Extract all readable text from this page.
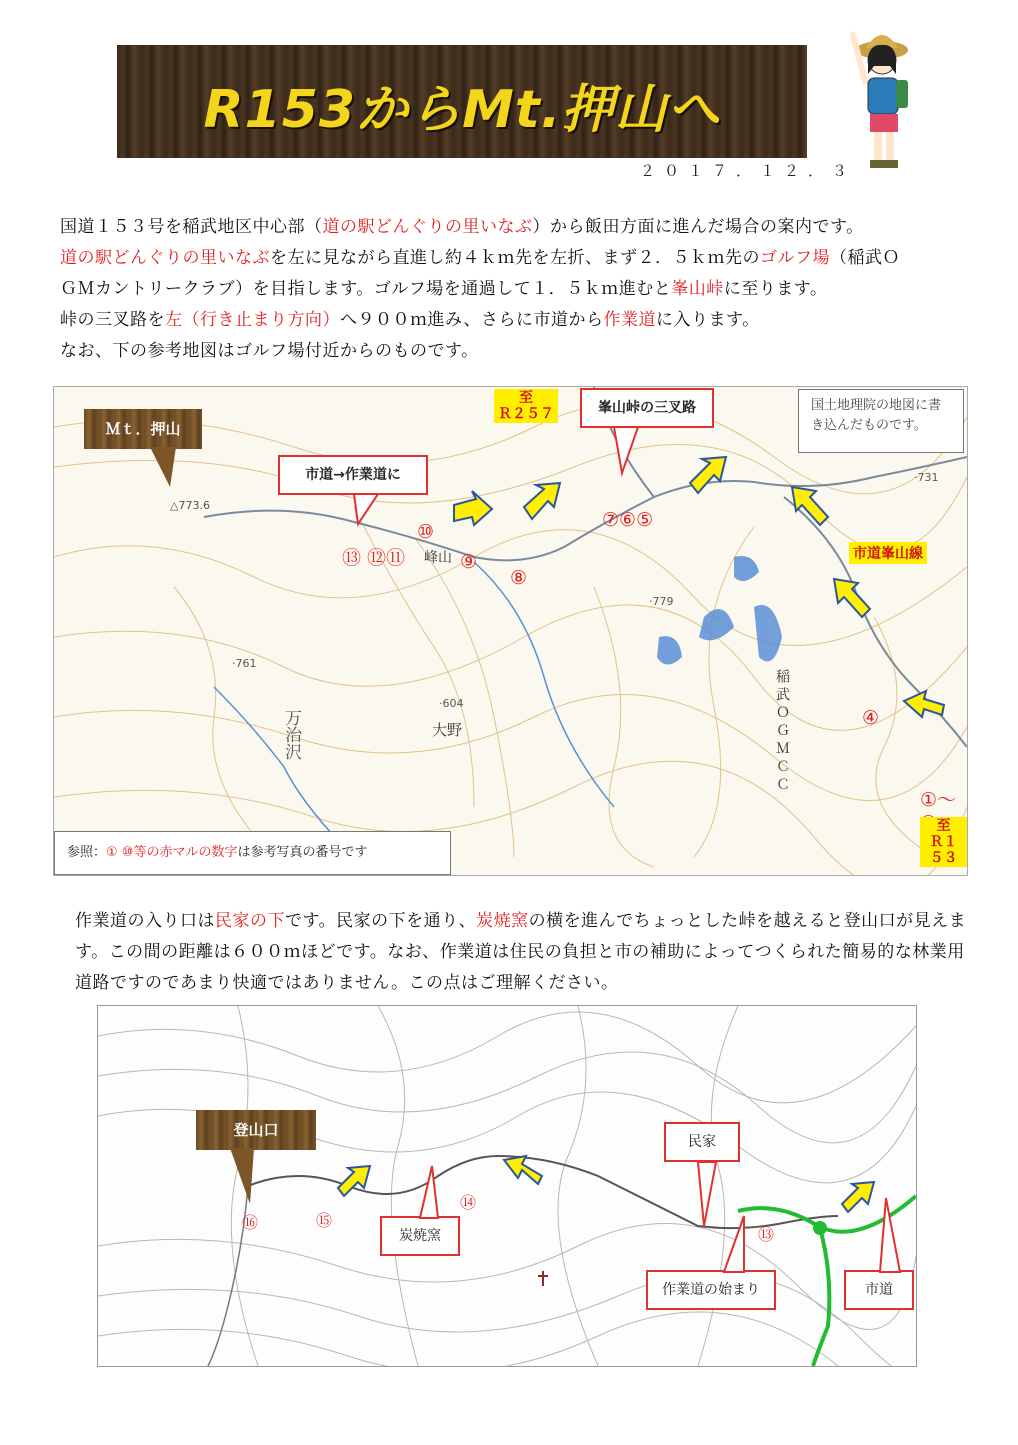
R153からMt.押山へ
２０１７．１２．３
国道１５３号を稲武地区中心部（道の駅どんぐりの里いなぶ）から飯田方面に進んだ場合の案内です。
道の駅どんぐりの里いなぶを左に見ながら直進し約４ｋｍ先を左折、まず２．５ｋｍ先のゴルフ場（稲武Ｏ
ＧＭカントリークラブ）を目指します。ゴルフ場を通過して１．５ｋｍ進むと峯山峠に至ります。
峠の三叉路を左（行き止まり方向）へ９００ｍ進み、さらに市道から作業道に入ります。
なお、下の参考地図はゴルフ場付近からのものです。
△773.6
·761
·604
·779
·731
峰山
大野
万治沢	稲武ＯＧＭＣＣ
Ｍｔ．押山
至
Ｒ２５７	峯山峠の三叉路	国土地理院の地図に書き込んだものです。
市道→作業道に
市道峯山線
⑦⑥⑤
⑩
⑬ ⑫⑪	⑨
⑧
④
①～
至
Ｒ１５３
参照：① ⑩等の赤マルの数字は参考写真の番号です
作業道の入り口は民家の下です。民家の下を通り、炭焼窯の横を進んでちょっとした峠を越えると登山口が見えます。この間の距離は６００ｍほどです。なお、作業道は住民の負担と市の補助によってつくられた簡易的な林業用道路ですのであまり快適ではありません。この点はご理解ください。
登山口
民家
炭焼窯
作業道の始まり	市道
⑯	⑮
⑭
⑬
